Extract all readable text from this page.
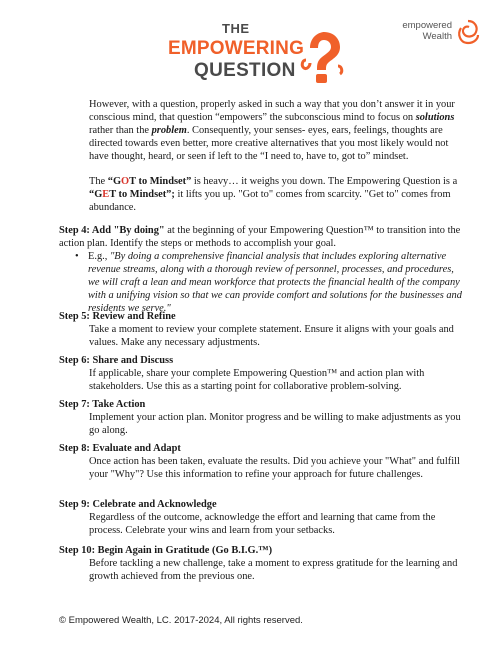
THE
EMPOWERING
QUESTION
empowered
Wealth
However, with a question, properly asked in such a way that you don’t answer it in your conscious mind, that question “empowers” the subconscious mind to focus on solutions rather than the problem. Consequently, your senses- eyes, ears, feelings, thoughts are directed towards even better, more creative alternatives that you most likely would not have thought, heard, or seen if left to the “I need to, have to, got to” mindset.
The “GOT to Mindset” is heavy… it weighs you down. The Empowering Question is a “GET to Mindset”; it lifts you up. "Got to" comes from scarcity. "Get to" comes from abundance.
Step 4: Add "By doing" at the beginning of your Empowering Question™ to transition into the action plan. Identify the steps or methods to accomplish your goal.
• E.g., "By doing a comprehensive financial analysis that includes exploring alternative revenue streams, along with a thorough review of personnel, processes, and procedures, we will craft a lean and mean workforce that protects the financial health of the company with a unifying vision so that we can provide comfort and solutions for the businesses and residents we serve."
Step 5: Review and Refine
Take a moment to review your complete statement. Ensure it aligns with your goals and values. Make any necessary adjustments.
Step 6: Share and Discuss
If applicable, share your complete Empowering Question™ and action plan with stakeholders. Use this as a starting point for collaborative problem-solving.
Step 7: Take Action
Implement your action plan. Monitor progress and be willing to make adjustments as you go along.
Step 8: Evaluate and Adapt
Once action has been taken, evaluate the results. Did you achieve your "What" and fulfill your "Why"? Use this information to refine your approach for future challenges.
Step 9: Celebrate and Acknowledge
Regardless of the outcome, acknowledge the effort and learning that came from the process. Celebrate your wins and learn from your setbacks.
Step 10: Begin Again in Gratitude (Go B.I.G.™)
Before tackling a new challenge, take a moment to express gratitude for the learning and growth achieved from the previous one.
© Empowered Wealth, LC. 2017-2024, All rights reserved.
